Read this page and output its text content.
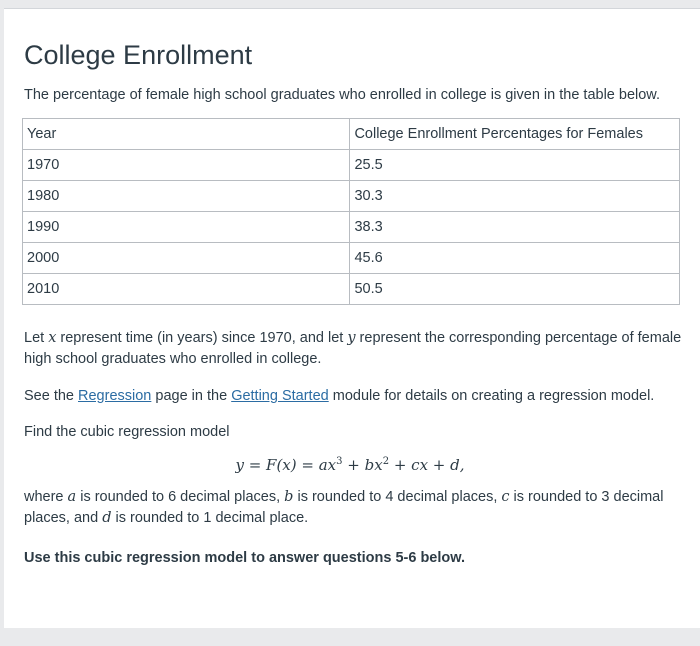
College Enrollment
The percentage of female high school graduates who enrolled in college is given in the table below.
Year	College Enrollment Percentages for Females
1970	25.5
1980	30.3
1990	38.3
2000	45.6
2010	50.5
Let x represent time (in years) since 1970, and let y represent the corresponding percentage of female high school graduates who enrolled in college.
See the Regression page in the Getting Started module for details on creating a regression model.
Find the cubic regression model
$y = F(x) = ax^3 + bx^2$ + cx + d,
where a is rounded to 6 decimal places, b is rounded to 4 decimal places, c is rounded to 3 decimal places, and d is rounded to 1 decimal place.
Use this cubic regression model to answer questions 5-6 below.
